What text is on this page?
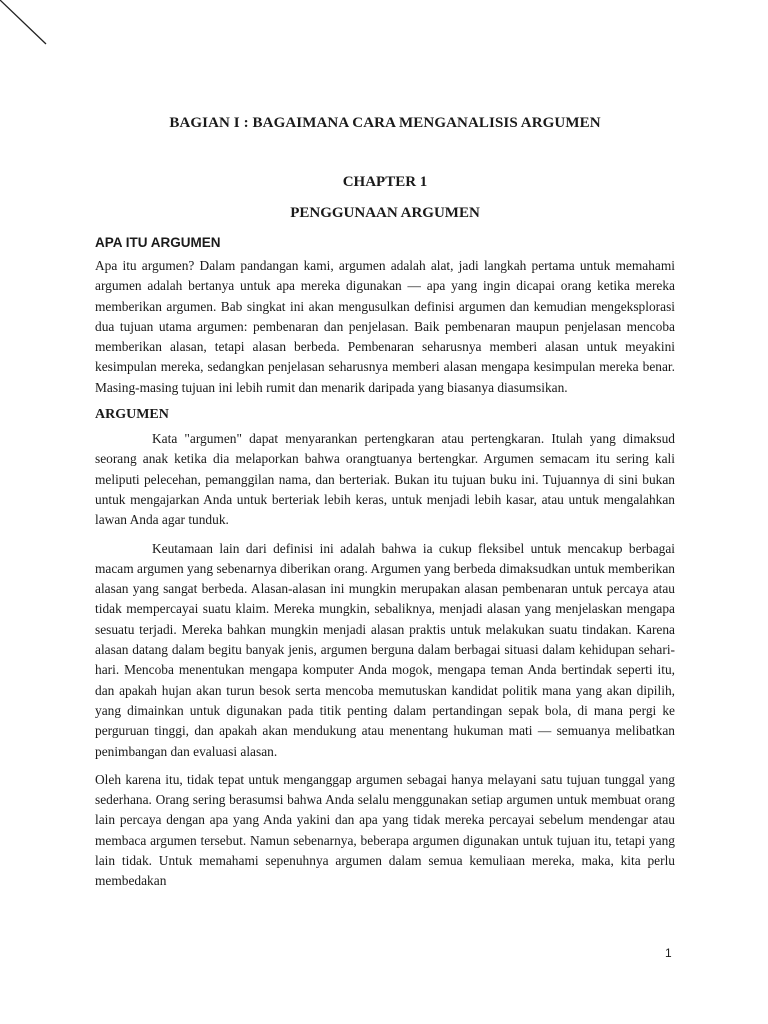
BAGIAN I : BAGAIMANA CARA MENGANALISIS ARGUMEN
CHAPTER 1
PENGGUNAAN ARGUMEN
APA ITU ARGUMEN

Apa itu argumen? Dalam pandangan kami, argumen adalah alat, jadi langkah pertama untuk memahami argumen adalah bertanya untuk apa mereka digunakan — apa yang ingin dicapai orang ketika mereka memberikan argumen. Bab singkat ini akan mengusulkan definisi argumen dan kemudian mengeksplorasi dua tujuan utama argumen: pembenaran dan penjelasan. Baik pembenaran maupun penjelasan mencoba memberikan alasan, tetapi alasan berbeda. Pembenaran seharusnya memberi alasan untuk meyakini kesimpulan mereka, sedangkan penjelasan seharusnya memberi alasan mengapa kesimpulan mereka benar. Masing-masing tujuan ini lebih rumit dan menarik daripada yang biasanya diasumsikan.

ARGUMEN

Kata "argumen" dapat menyarankan pertengkaran atau pertengkaran. Itulah yang dimaksud seorang anak ketika dia melaporkan bahwa orangtuanya bertengkar. Argumen semacam itu sering kali meliputi pelecehan, pemanggilan nama, dan berteriak. Bukan itu tujuan buku ini. Tujuannya di sini bukan untuk mengajarkan Anda untuk berteriak lebih keras, untuk menjadi lebih kasar, atau untuk mengalahkan lawan Anda agar tunduk.

Keutamaan lain dari definisi ini adalah bahwa ia cukup fleksibel untuk mencakup berbagai macam argumen yang sebenarnya diberikan orang. Argumen yang berbeda dimaksudkan untuk memberikan alasan yang sangat berbeda. Alasan-alasan ini mungkin merupakan alasan pembenaran untuk percaya atau tidak mempercayai suatu klaim. Mereka mungkin, sebaliknya, menjadi alasan yang menjelaskan mengapa sesuatu terjadi. Mereka bahkan mungkin menjadi alasan praktis untuk melakukan suatu tindakan. Karena alasan datang dalam begitu banyak jenis, argumen berguna dalam berbagai situasi dalam kehidupan sehari-hari. Mencoba menentukan mengapa komputer Anda mogok, mengapa teman Anda bertindak seperti itu, dan apakah hujan akan turun besok serta mencoba memutuskan kandidat politik mana yang akan dipilih, yang dimainkan untuk digunakan pada titik penting dalam pertandingan sepak bola, di mana pergi ke perguruan tinggi, dan apakah akan mendukung atau menentang hukuman mati — semuanya melibatkan penimbangan dan evaluasi alasan.

Oleh karena itu, tidak tepat untuk menganggap argumen sebagai hanya melayani satu tujuan tunggal yang sederhana. Orang sering berasumsi bahwa Anda selalu menggunakan setiap argumen untuk membuat orang lain percaya dengan apa yang Anda yakini dan apa yang tidak mereka percayai sebelum mendengar atau membaca argumen tersebut. Namun sebenarnya, beberapa argumen digunakan untuk tujuan itu, tetapi yang lain tidak. Untuk memahami sepenuhnya argumen dalam semua kemuliaan mereka, maka, kita perlu membedakan

1
